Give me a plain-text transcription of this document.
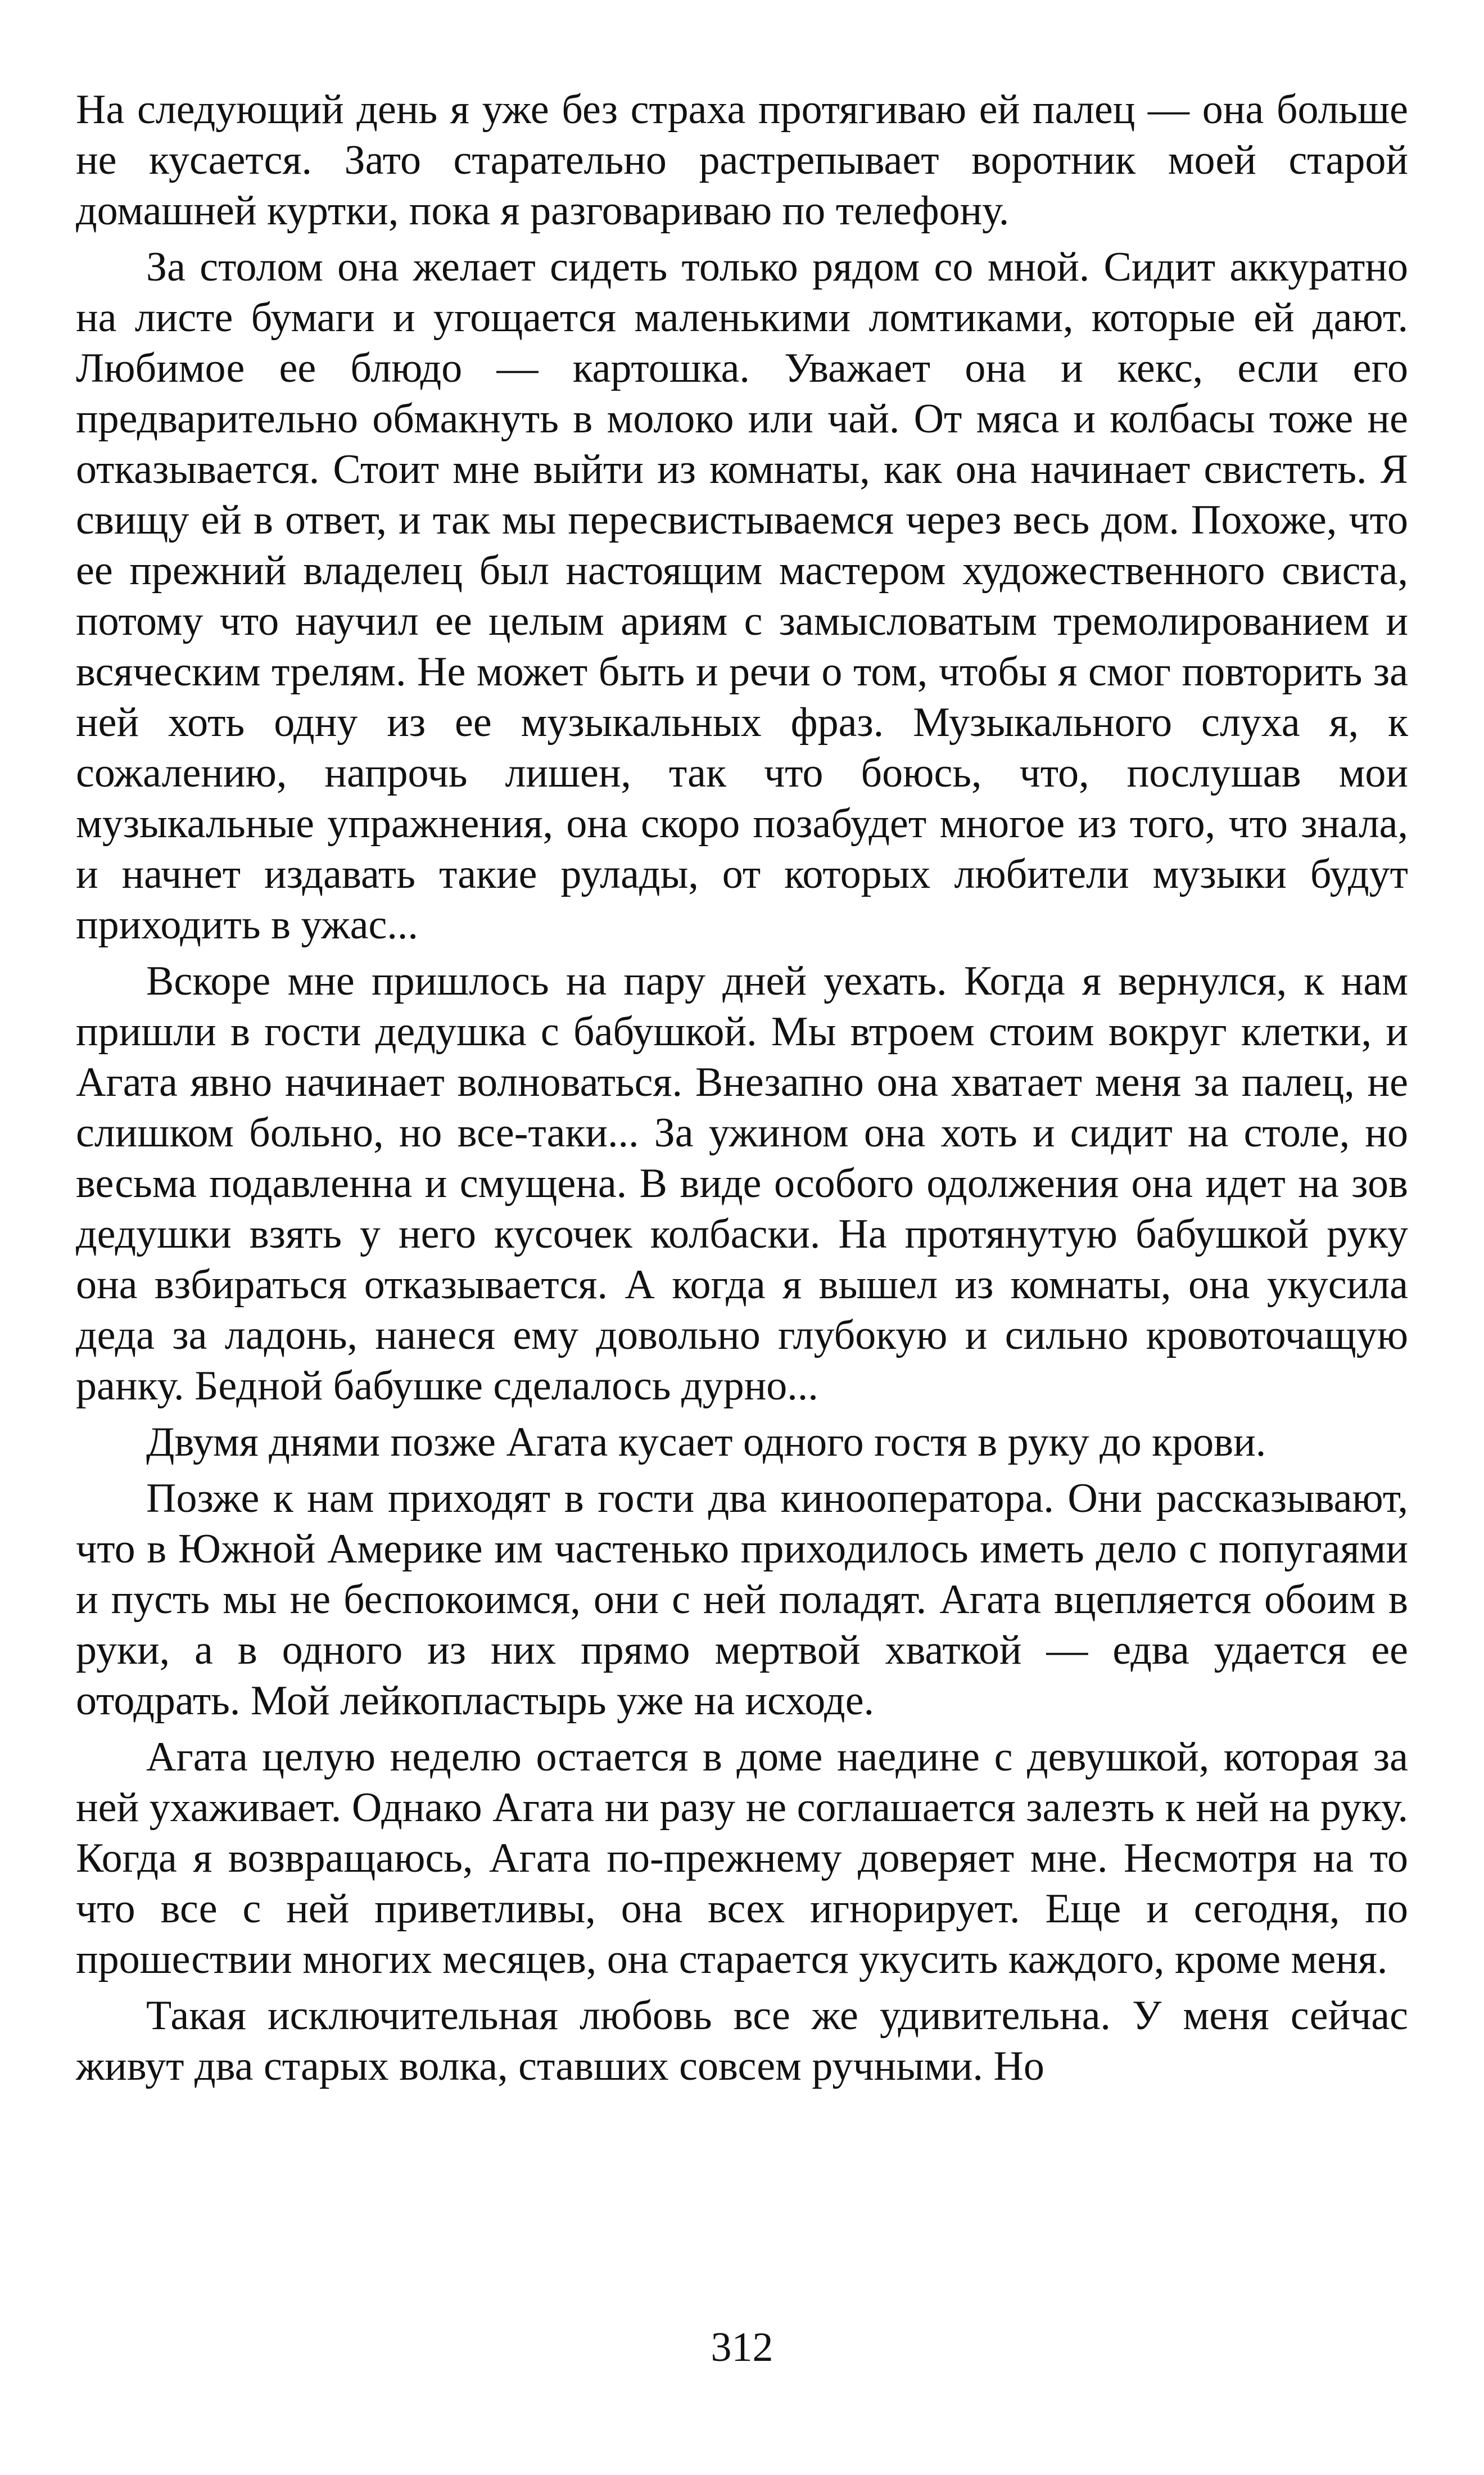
На следующий день я уже без страха протягиваю ей палец — она больше не кусается. Зато старательно растрепывает воротник моей старой домашней куртки, пока я разговариваю по телефону.

За столом она желает сидеть только рядом со мной. Сидит аккуратно на листе бумаги и угощается маленькими ломтиками, которые ей дают. Любимое ее блюдо — картошка. Уважает она и кекс, если его предварительно обмакнуть в молоко или чай. От мяса и колбасы тоже не отказывается. Стоит мне выйти из комнаты, как она начинает свистеть. Я свищу ей в ответ, и так мы пересвистываемся через весь дом. Похоже, что ее прежний владелец был настоящим мастером художественного свиста, потому что научил ее целым ариям с замысловатым тремолированием и всяческим трелям. Не может быть и речи о том, чтобы я смог повторить за ней хоть одну из ее музыкальных фраз. Музыкального слуха я, к сожалению, напрочь лишен, так что боюсь, что, послушав мои музыкальные упражнения, она скоро позабудет многое из того, что знала, и начнет издавать такие рулады, от которых любители музыки будут приходить в ужас...

Вскоре мне пришлось на пару дней уехать. Когда я вернулся, к нам пришли в гости дедушка с бабушкой. Мы втроем стоим вокруг клетки, и Агата явно начинает волноваться. Внезапно она хватает меня за палец, не слишком больно, но все-таки... За ужином она хоть и сидит на столе, но весьма подавленна и смущена. В виде особого одолжения она идет на зов дедушки взять у него кусочек колбаски. На протянутую бабушкой руку она взбираться отказывается. А когда я вышел из комнаты, она укусила деда за ладонь, нанеся ему довольно глубокую и сильно кровоточащую ранку. Бедной бабушке сделалось дурно...

Двумя днями позже Агата кусает одного гостя в руку до крови.

Позже к нам приходят в гости два кинооператора. Они рассказывают, что в Южной Америке им частенько приходилось иметь дело с попугаями и пусть мы не беспокоимся, они с ней поладят. Агата вцепляется обоим в руки, а в одного из них прямо мертвой хваткой — едва удается ее отодрать. Мой лейкопластырь уже на исходе.

Агата целую неделю остается в доме наедине с девушкой, которая за ней ухаживает. Однако Агата ни разу не соглашается залезть к ней на руку. Когда я возвращаюсь, Агата по-прежнему доверяет мне. Несмотря на то что все с ней приветливы, она всех игнорирует. Еще и сегодня, по прошествии многих месяцев, она старается укусить каждого, кроме меня.

Такая исключительная любовь все же удивительна. У меня сейчас живут два старых волка, ставших совсем ручными. Но

312
